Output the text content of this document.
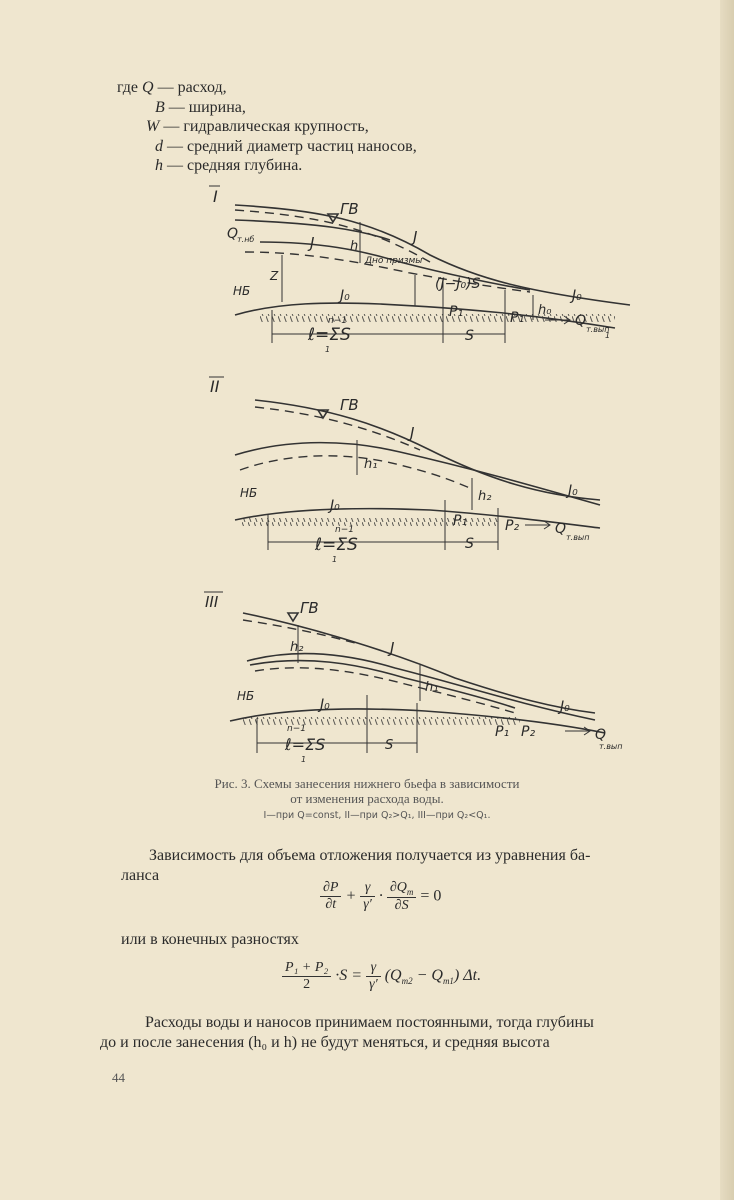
где Q — расход,
B — ширина,
W — гидравлическая крупность,
d — средний диаметр частиц наносов,
h — средняя глубина.
I
ГВ
Q
т.нб	J	h
J
Дно призмы
(J−J₀)S
J₀
Z
НБ	J₀
n−1
P₁	P₁ h₀
Q
т.вып
ℓ=ΣS
1
S	1
II
ГВ
J
h₁
h₂	J₀
НБ
J₀
n−1
P₁	P₂	Q
т.вып
ℓ=ΣS
1
S
III	ГВ
h₂	J
h₁
J₀
НБ
J₀
n−1	P₁ P₂	Q
т.вып
ℓ=ΣS
1
S
Рис. 3. Схемы занесения нижнего бьефа в зависимости
от изменения расхода воды.
I—при Q=const, II—при Q₂>Q₁, III—при Q₂<Q₁.
Зависимость для объема отложения получается из уравнения ба-
ланса
$\frac{\partial P}{\partial t} + \frac{\gamma}{\gamma'} \cdot \frac{\partial Q_т}{\partial S} = 0$
или в конечных разностях
$\frac{\text{P₁ + P₂}}{2} \cdot S = \frac{\gamma}{\gamma'} (Q_{т2} - Q_{т1})$ Δt.
Расходы воды и наносов принимаем постоянными, тогда глубины
до и после занесения (h₀ и h) не будут меняться, и средняя высота
44
